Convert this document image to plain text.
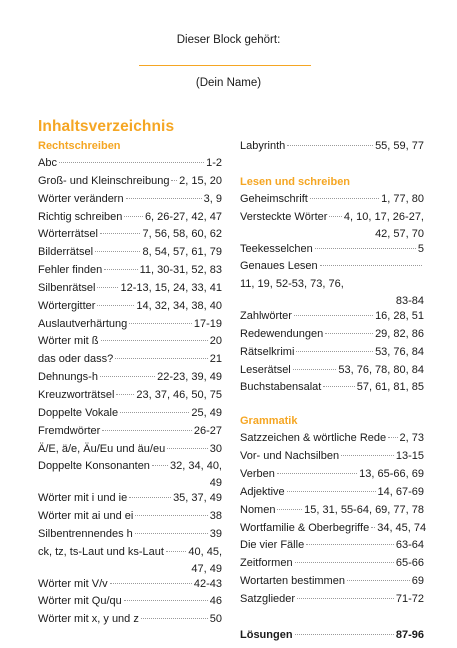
Dieser Block gehört:
(Dein Name)
Inhaltsverzeichnis
Rechtschreiben
Abc	1-2
Groß- und Kleinschreibung 2, 15, 20
Wörter verändern	3, 9
Richtig schreiben 6, 26-27, 42, 47
Wörterrätsel	7, 56, 58, 60, 62
Bilderrätsel	8, 54, 57, 61, 79
Fehler finden	11, 30-31, 52, 83
Silbenrätsel 12-13, 15, 24, 33, 41
Wörtergitter	14, 32, 34, 38, 40
Auslautverhärtung	17-19
Wörter mit ß	20
das oder dass?	21
Dehnungs-h	22-23, 39, 49
Kreuzworträtsel 23, 37, 46, 50, 75
Doppelte Vokale	25, 49
Fremdwörter	26-27
Ä/E, ä/e, Äu/Eu und äu/eu	30
Doppelte Konsonanten 32, 34, 40,
49
Wörter mit i und ie	35, 37, 49
Wörter mit ai und ei	38
Silbentrennendes h	39
ck, tz, ts-Laut und ks-Laut 40, 45,
47, 49
Wörter mit V/v	42-43
Wörter mit Qu/qu	46
Wörter mit x, y und z	50
Labyrinth	55, 59, 77
Lesen und schreiben
Geheimschrift	1, 77, 80
Versteckte Wörter 4, 10, 17, 26-27,
42, 57, 70
Teekesselchen	5
Genaues Lesen
11, 19, 52-53, 73, 76,
83-84
Zahlwörter	16, 28, 51
Redewendungen	29, 82, 86
Rätselkrimi	53, 76, 84
Leserätsel	53, 76, 78, 80, 84
Buchstabensalat	57, 61, 81, 85
Grammatik
Satzzeichen & wörtliche Rede 2, 73
Vor- und Nachsilben	13-15
Verben	13, 65-66, 69
Adjektive	14, 67-69
Nomen	15, 31, 55-64, 69, 77, 78
Wortfamilie & Oberbegriffe 34, 45, 74
Die vier Fälle	63-64
Zeitformen	65-66
Wortarten bestimmen	69
Satzglieder	71-72
Lösungen	87-96
